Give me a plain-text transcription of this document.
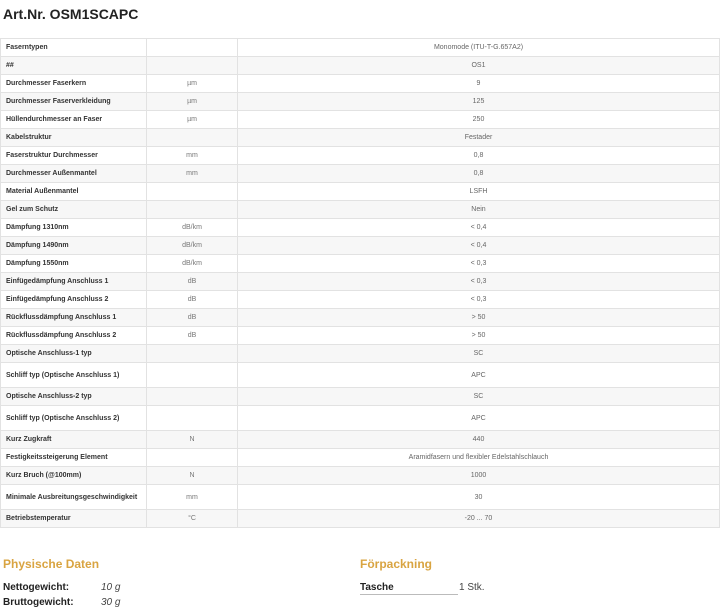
Art.Nr. OSM1SCAPC
Faserntypen		Monomode (ITU-T-G.657A2)
##		OS1
Durchmesser Faserkern	µm	9
Durchmesser Faserverkleidung	µm	125
Hüllendurchmesser an Faser	µm	250
Kabelstruktur		Festader
Faserstruktur Durchmesser	mm	0,8
Durchmesser Außenmantel	mm	0,8
Material Außenmantel		LSFH
Gel zum Schutz		Nein
Dämpfung 1310nm	dB/km	< 0,4
Dämpfung 1490nm	dB/km	< 0,4
Dämpfung 1550nm	dB/km	< 0,3
Einfügedämpfung Anschluss 1	dB	< 0,3
Einfügedämpfung Anschluss 2	dB	< 0,3
Rückflussdämpfung Anschluss 1	dB	> 50
Rückflussdämpfung Anschluss 2	dB	> 50
Optische Anschluss-1 typ		SC
Schliff typ (Optische Anschluss 1)		APC
Optische Anschluss-2 typ		SC
Schliff typ (Optische Anschluss 2)		APC
Kurz Zugkraft	N	440
Festigkeitssteigerung Element		Aramidfasern und flexibler Edelstahlschlauch
Kurz Bruch (@100mm)	N	1000
Minimale Ausbreitungsgeschwindigkeit	mm	30
Betriebstemperatur	°C	-20 ... 70
Physische Daten
Nettogewicht:	10 g
Bruttogewicht:	30 g
Förpackning
Tasche	1 Stk.
